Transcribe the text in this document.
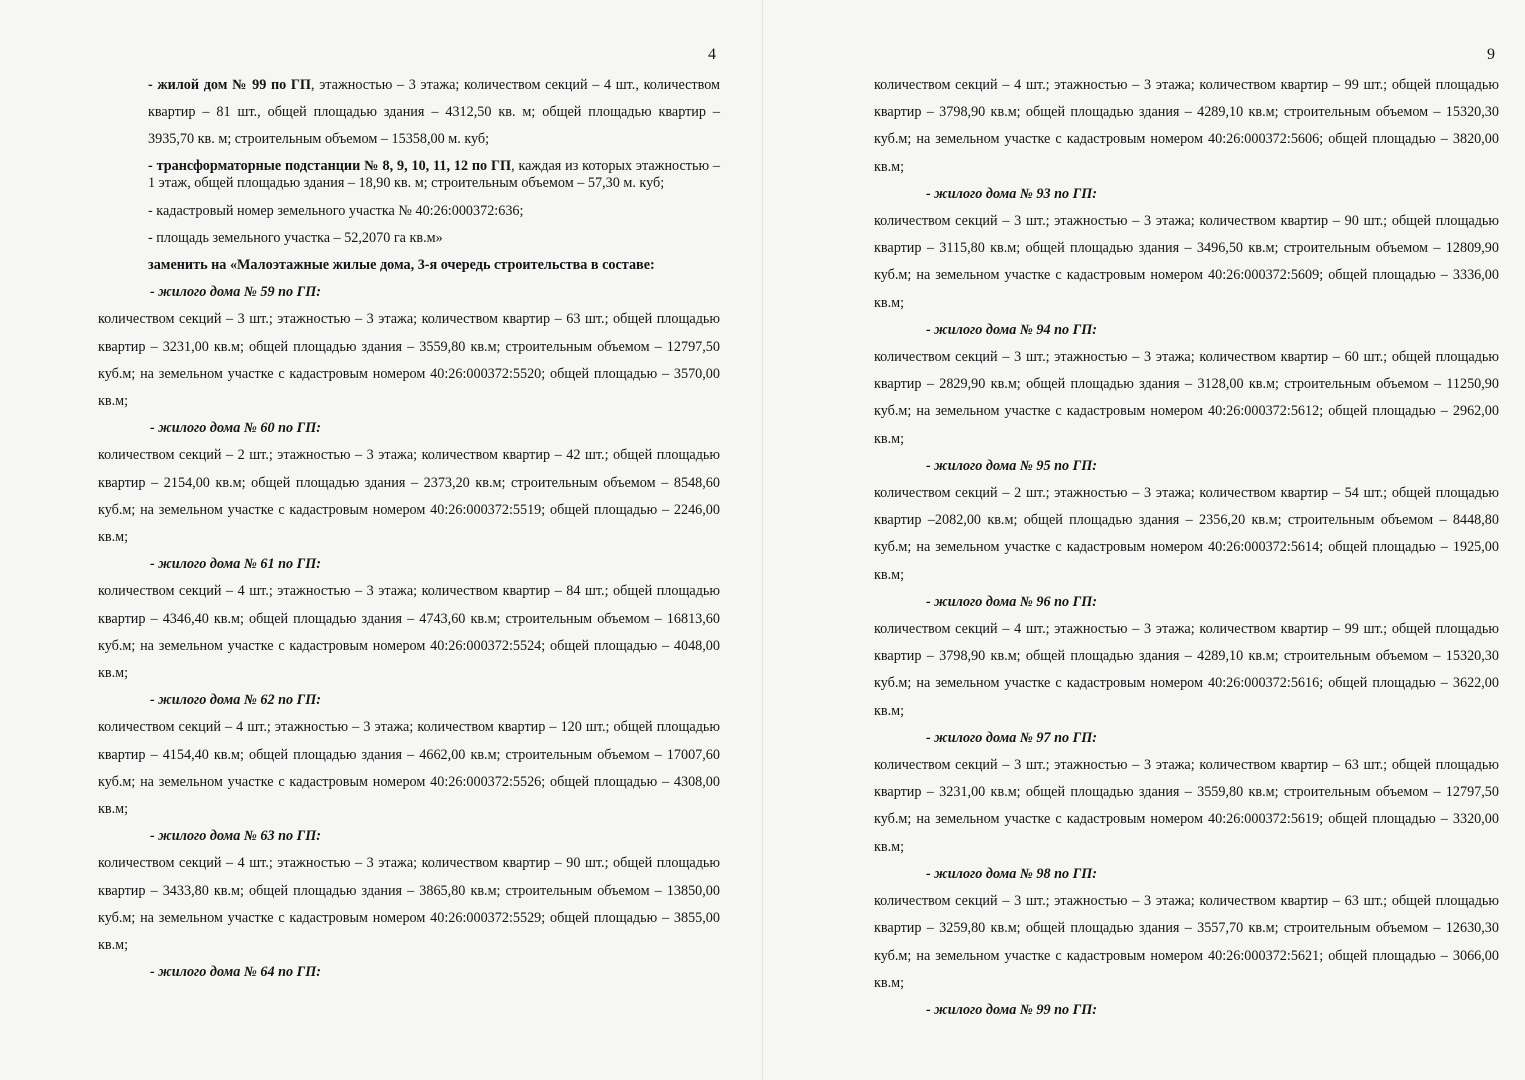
4

- жилой дом № 99 по ГП, этажностью – 3 этажа; количеством секций – 4 шт., количеством квартир – 81 шт., общей площадью здания – 4312,50 кв. м; общей площадью квартир – 3935,70 кв. м; строительным объемом – 15358,00 м. куб;

- трансформаторные подстанции № 8, 9, 10, 11, 12 по ГП, каждая из которых этажностью – 1 этаж, общей площадью здания – 18,90 кв. м; строительным объемом – 57,30 м. куб;

- кадастровый номер земельного участка № 40:26:000372:636;

- площадь земельного участка – 52,2070 га кв.м»

заменить на «Малоэтажные жилые дома, 3-я очередь строительства в составе:

- жилого дома № 59 по ГП:

количеством секций – 3 шт.; этажностью – 3 этажа; количеством квартир – 63 шт.; общей площадью квартир – 3231,00 кв.м; общей площадью здания – 3559,80 кв.м; строительным объемом – 12797,50 куб.м; на земельном участке с кадастровым номером 40:26:000372:5520; общей площадью – 3570,00 кв.м;

- жилого дома № 60 по ГП:

количеством секций – 2 шт.; этажностью – 3 этажа; количеством квартир – 42 шт.; общей площадью квартир – 2154,00 кв.м; общей площадью здания – 2373,20 кв.м; строительным объемом – 8548,60 куб.м; на земельном участке с кадастровым номером 40:26:000372:5519; общей площадью – 2246,00 кв.м;

- жилого дома № 61 по ГП:

количеством секций – 4 шт.; этажностью – 3 этажа; количеством квартир – 84 шт.; общей площадью квартир – 4346,40 кв.м; общей площадью здания – 4743,60 кв.м; строительным объемом – 16813,60 куб.м; на земельном участке с кадастровым номером 40:26:000372:5524; общей площадью – 4048,00 кв.м;

- жилого дома № 62 по ГП:

количеством секций – 4 шт.; этажностью – 3 этажа; количеством квартир – 120 шт.; общей площадью квартир – 4154,40 кв.м; общей площадью здания – 4662,00 кв.м; строительным объемом – 17007,60 куб.м; на земельном участке с кадастровым номером 40:26:000372:5526; общей площадью – 4308,00 кв.м;

- жилого дома № 63 по ГП:

количеством секций – 4 шт.; этажностью – 3 этажа; количеством квартир – 90 шт.; общей площадью квартир – 3433,80 кв.м; общей площадью здания – 3865,80 кв.м; строительным объемом – 13850,00 куб.м; на земельном участке с кадастровым номером 40:26:000372:5529; общей площадью – 3855,00 кв.м;

- жилого дома № 64 по ГП:

9

количеством секций – 4 шт.; этажностью – 3 этажа; количеством квартир – 99 шт.; общей площадью квартир – 3798,90 кв.м; общей площадью здания – 4289,10 кв.м; строительным объемом – 15320,30 куб.м; на земельном участке с кадастровым номером 40:26:000372:5606; общей площадью – 3820,00 кв.м;

- жилого дома № 93 по ГП:

количеством секций – 3 шт.; этажностью – 3 этажа; количеством квартир – 90 шт.; общей площадью квартир – 3115,80 кв.м; общей площадью здания – 3496,50 кв.м; строительным объемом – 12809,90 куб.м; на земельном участке с кадастровым номером 40:26:000372:5609; общей площадью – 3336,00 кв.м;

- жилого дома № 94 по ГП:

количеством секций – 3 шт.; этажностью – 3 этажа; количеством квартир – 60 шт.; общей площадью квартир – 2829,90 кв.м; общей площадью здания – 3128,00 кв.м; строительным объемом – 11250,90 куб.м; на земельном участке с кадастровым номером 40:26:000372:5612; общей площадью – 2962,00 кв.м;

- жилого дома № 95 по ГП:

количеством секций – 2 шт.; этажностью – 3 этажа; количеством квартир – 54 шт.; общей площадью квартир –2082,00 кв.м; общей площадью здания – 2356,20 кв.м; строительным объемом – 8448,80 куб.м; на земельном участке с кадастровым номером 40:26:000372:5614; общей площадью – 1925,00 кв.м;

- жилого дома № 96 по ГП:

количеством секций – 4 шт.; этажностью – 3 этажа; количеством квартир – 99 шт.; общей площадью квартир – 3798,90 кв.м; общей площадью здания – 4289,10 кв.м; строительным объемом – 15320,30 куб.м; на земельном участке с кадастровым номером 40:26:000372:5616; общей площадью – 3622,00 кв.м;

- жилого дома № 97 по ГП:

количеством секций – 3 шт.; этажностью – 3 этажа; количеством квартир – 63 шт.; общей площадью квартир – 3231,00 кв.м; общей площадью здания – 3559,80 кв.м; строительным объемом – 12797,50 куб.м; на земельном участке с кадастровым номером 40:26:000372:5619; общей площадью – 3320,00 кв.м;

- жилого дома № 98 по ГП:

количеством секций – 3 шт.; этажностью – 3 этажа; количеством квартир – 63 шт.; общей площадью квартир – 3259,80 кв.м; общей площадью здания – 3557,70 кв.м; строительным объемом – 12630,30 куб.м; на земельном участке с кадастровым номером 40:26:000372:5621; общей площадью – 3066,00 кв.м;

- жилого дома № 99 по ГП:
